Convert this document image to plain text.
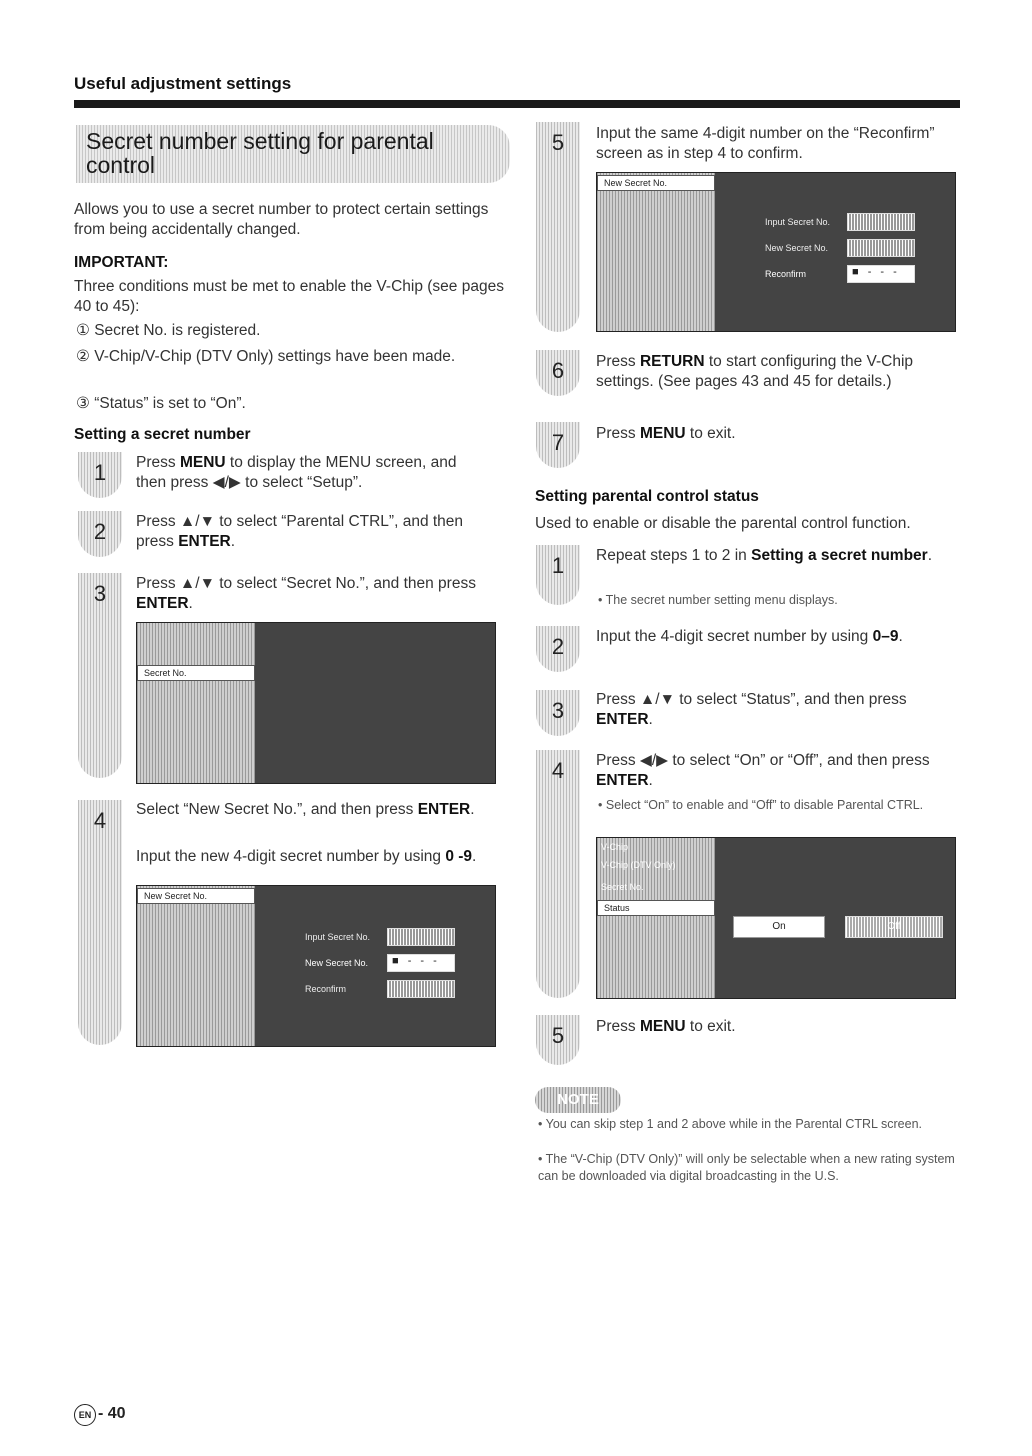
Useful adjustment settings
Secret number setting for parental control
Allows you to use a secret number to protect certain settings from being accidentally changed.
IMPORTANT:
Three conditions must be met to enable the V-Chip (see pages 40 to 45):
① Secret No. is registered.
② V-Chip/V-Chip (DTV Only) settings have been made.
③ “Status” is set to “On”.
Setting a secret number
1	Press MENU to display the MENU screen, and then press ◀/▶ to select “Setup”.
2	Press ▲/▼ to select “Parental CTRL”, and then press ENTER.
3	Press ▲/▼ to select “Secret No.”, and then press ENTER.
Secret No.
4	Select “New Secret No.”, and then press ENTER.
Input the new 4-digit secret number by using 0 -9.
New Secret No.
Input Secret No.
New Secret No.	■ - - -
Reconfirm
5	Input the same 4-digit number on the “Reconfirm” screen as in step 4 to confirm.
New Secret No.
Input Secret No.
New Secret No.
Reconfirm	■ - - -
6	Press RETURN to start configuring the V-Chip settings. (See pages 43 and 45 for details.)
7	Press MENU to exit.
Setting parental control status
Used to enable or disable the parental control function.
1	Repeat steps 1 to 2 in Setting a secret number.
• The secret number setting menu displays.
2	Input the 4-digit secret number by using 0–9.
3	Press ▲/▼ to select “Status”, and then press ENTER.
4	Press ◀/▶ to select “On” or “Off”, and then press ENTER.
• Select “On” to enable and “Off” to disable Parental CTRL.
V-Chip
V-Chip (DTV Only)
Secret No.
Status
On	Off
5	Press MENU to exit.
NOTE
• You can skip step 1 and 2 above while in the Parental CTRL screen.
• The “V-Chip (DTV Only)” will only be selectable when a new rating system can be downloaded via digital broadcasting in the U.S.
EN - 40
